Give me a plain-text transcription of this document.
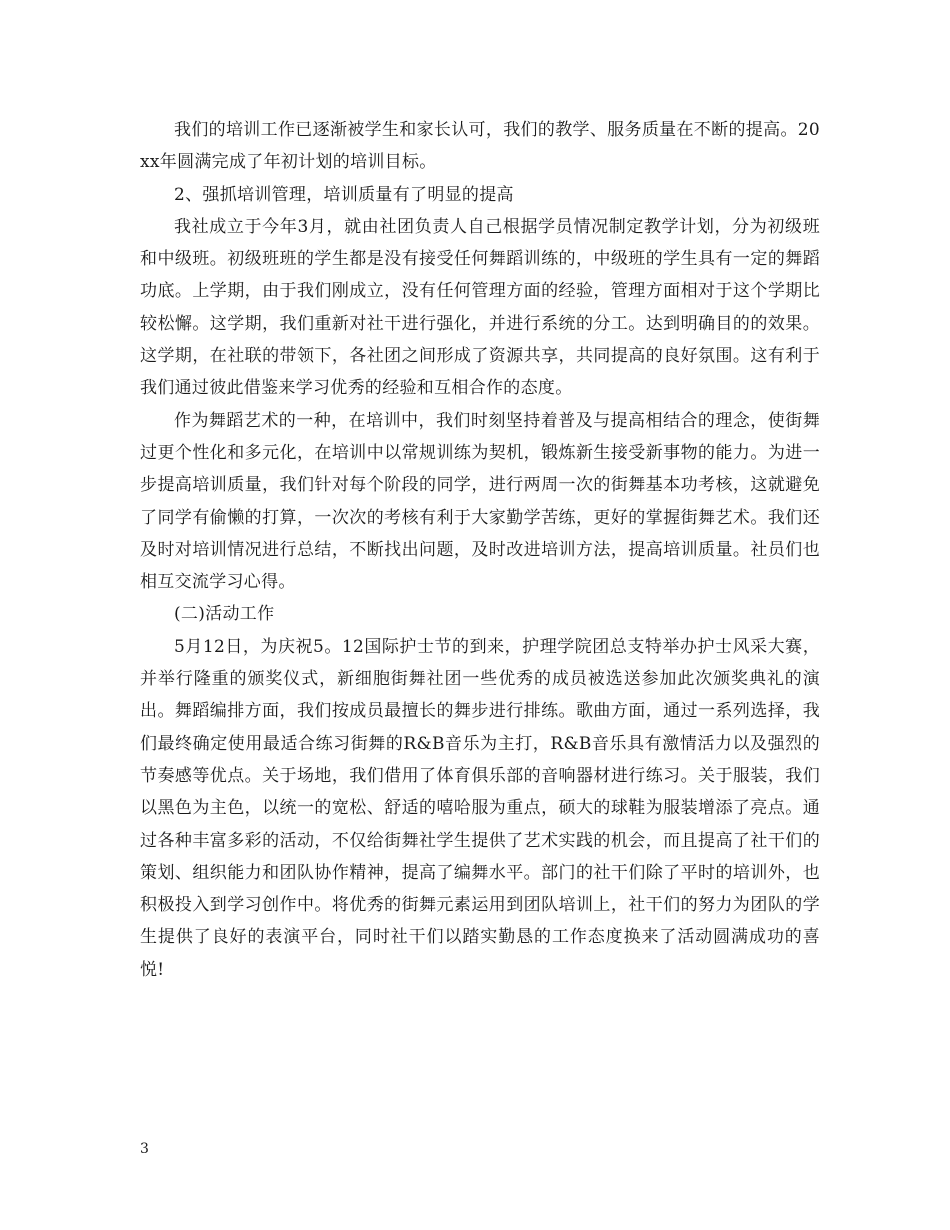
我们的培训工作已逐渐被学生和家长认可，我们的教学、服务质量在不断的提高。20xx年圆满完成了年初计划的培训目标。

2、强抓培训管理，培训质量有了明显的提高

我社成立于今年3月，就由社团负责人自己根据学员情况制定教学计划，分为初级班和中级班。初级班班的学生都是没有接受任何舞蹈训练的，中级班的学生具有一定的舞蹈功底。上学期，由于我们刚成立，没有任何管理方面的经验，管理方面相对于这个学期比较松懈。这学期，我们重新对社干进行强化，并进行系统的分工。达到明确目的的效果。这学期，在社联的带领下，各社团之间形成了资源共享，共同提高的良好氛围。这有利于我们通过彼此借鉴来学习优秀的经验和互相合作的态度。

作为舞蹈艺术的一种，在培训中，我们时刻坚持着普及与提高相结合的理念，使街舞过更个性化和多元化，在培训中以常规训练为契机，锻炼新生接受新事物的能力。为进一步提高培训质量，我们针对每个阶段的同学，进行两周一次的街舞基本功考核，这就避免了同学有偷懒的打算，一次次的考核有利于大家勤学苦练，更好的掌握街舞艺术。我们还及时对培训情况进行总结，不断找出问题，及时改进培训方法，提高培训质量。社员们也相互交流学习心得。

(二)活动工作

5月12日，为庆祝5。12国际护士节的到来，护理学院团总支特举办护士风采大赛，并举行隆重的颁奖仪式，新细胞街舞社团一些优秀的成员被选送参加此次颁奖典礼的演出。舞蹈编排方面，我们按成员最擅长的舞步进行排练。歌曲方面，通过一系列选择，我们最终确定使用最适合练习街舞的R&B音乐为主打，R&B音乐具有激情活力以及强烈的节奏感等优点。关于场地，我们借用了体育俱乐部的音响器材进行练习。关于服装，我们以黑色为主色，以统一的宽松、舒适的嘻哈服为重点，硕大的球鞋为服装增添了亮点。通过各种丰富多彩的活动，不仅给街舞社学生提供了艺术实践的机会，而且提高了社干们的策划、组织能力和团队协作精神，提高了编舞水平。部门的社干们除了平时的培训外，也积极投入到学习创作中。将优秀的街舞元素运用到团队培训上，社干们的努力为团队的学生提供了良好的表演平台，同时社干们以踏实勤恳的工作态度换来了活动圆满成功的喜悦!

3
